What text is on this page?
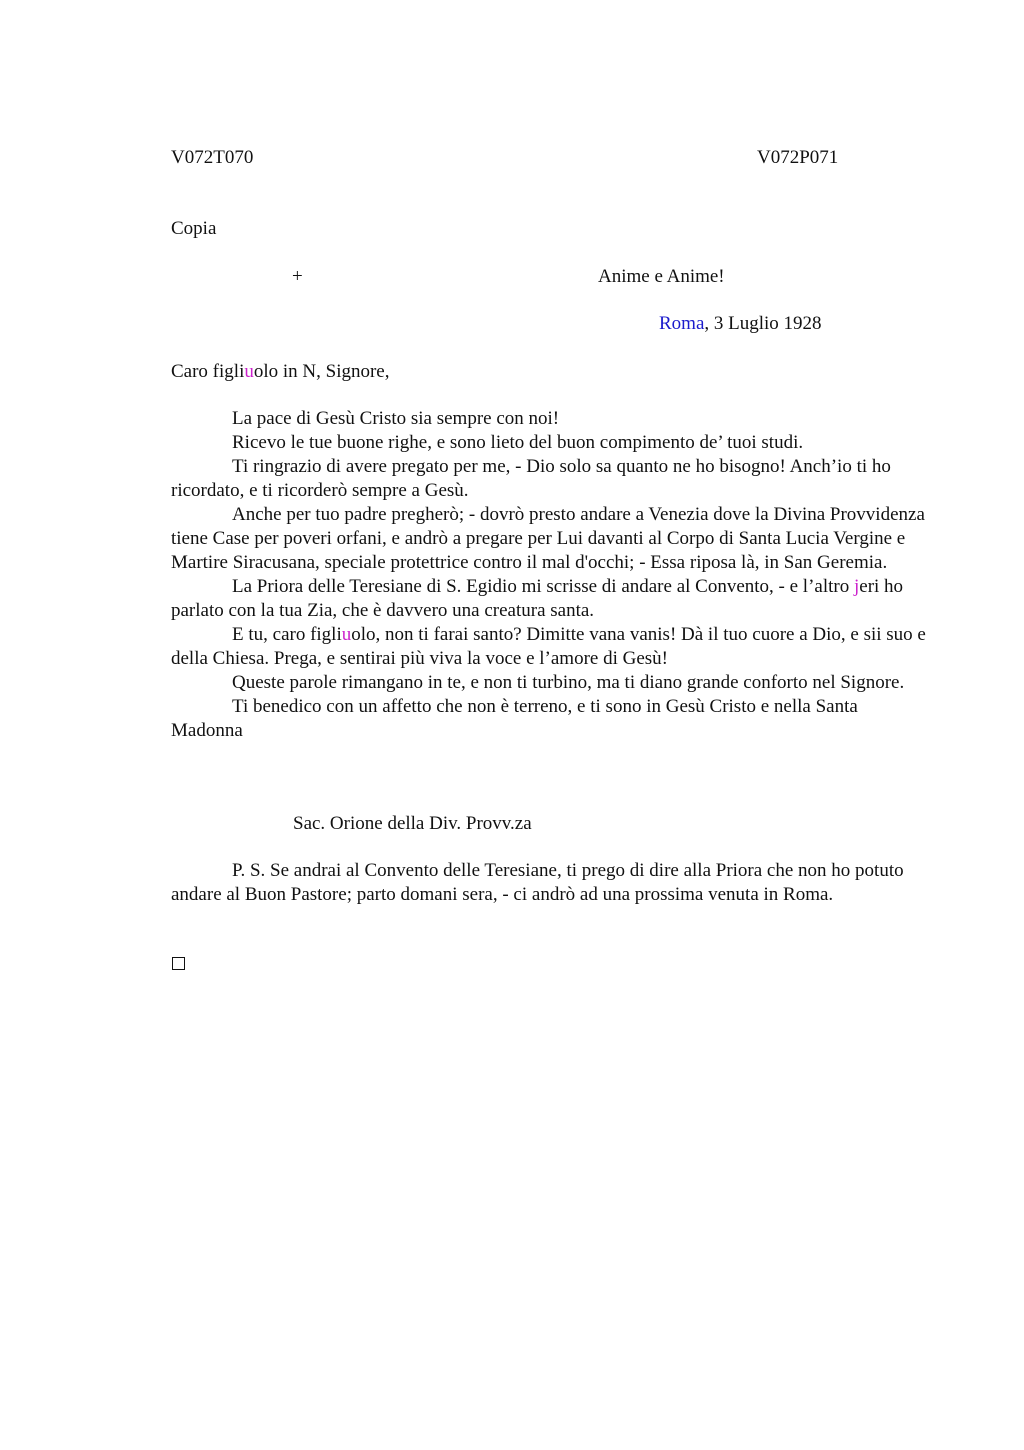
V072T070	V072P071
Copia
+	Anime e Anime!
Roma, 3 Luglio 1928
Caro figliuolo in N, Signore,
La pace di Gesù Cristo sia sempre con noi!
Ricevo le tue buone righe, e sono lieto del buon compimento de’ tuoi studi.
Ti ringrazio di avere pregato per me, - Dio solo sa quanto ne ho bisogno! Anch’io ti ho ricordato, e ti ricorderò sempre a Gesù.
Anche per tuo padre pregherò; - dovrò presto andare a Venezia dove la Divina Provvidenza tiene Case per poveri orfani, e andrò a pregare per Lui davanti al Corpo di Santa Lucia Vergine e Martire Siracusana, speciale protettrice contro il mal d'occhi; - Essa riposa là, in San Geremia.
La Priora delle Teresiane di S. Egidio mi scrisse di andare al Convento, - e l’altro jeri ho parlato con la tua Zia, che è davvero una creatura santa.
E tu, caro figliuolo, non ti farai santo? Dimitte vana vanis! Dà il tuo cuore a Dio, e sii suo e della Chiesa. Prega, e sentirai più viva la voce e l’amore di Gesù!
Queste parole rimangano in te, e non ti turbino, ma ti diano grande conforto nel Signore.
Ti benedico con un affetto che non è terreno, e ti sono in Gesù Cristo e nella Santa Madonna
Sac. Orione della Div. Provv.za
P. S. Se andrai al Convento delle Teresiane, ti prego di dire alla Priora che non ho potuto andare al Buon Pastore; parto domani sera, - ci andrò ad una prossima venuta in Roma.
